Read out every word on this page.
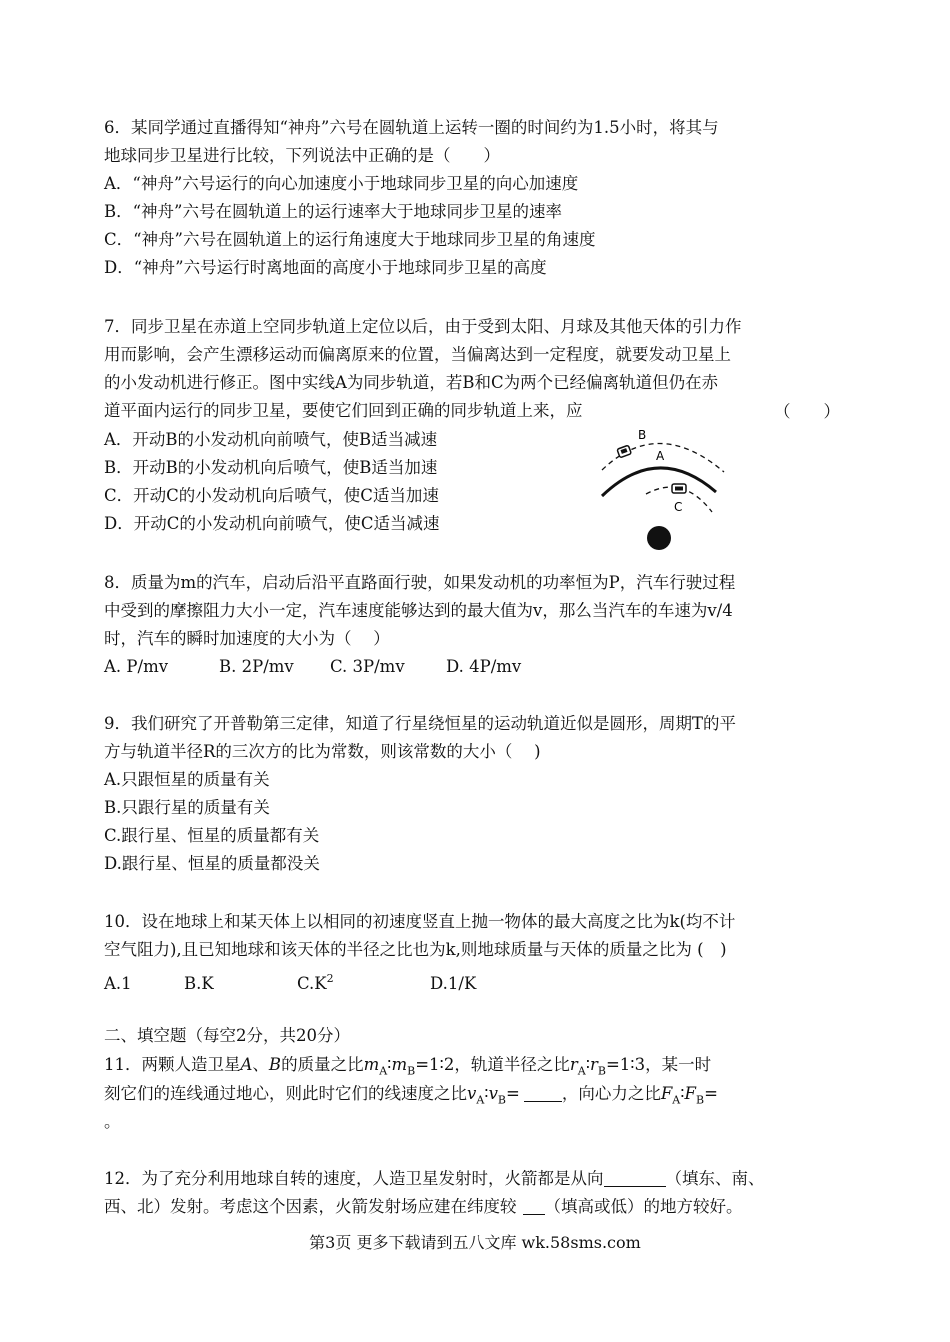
6．某同学通过直播得知“神舟”六号在圆轨道上运转一圈的时间约为1.5小时，将其与
地球同步卫星进行比较，下列说法中正确的是（　　）
A．“神舟”六号运行的向心加速度小于地球同步卫星的向心加速度
B．“神舟”六号在圆轨道上的运行速率大于地球同步卫星的速率
C．“神舟”六号在圆轨道上的运行角速度大于地球同步卫星的角速度
D．“神舟”六号运行时离地面的高度小于地球同步卫星的高度
7．同步卫星在赤道上空同步轨道上定位以后，由于受到太阳、月球及其他天体的引力作
用而影响，会产生漂移运动而偏离原来的位置，当偏离达到一定程度，就要发动卫星上
的小发动机进行修正。图中实线A为同步轨道，若B和C为两个已经偏离轨道但仍在赤
道平面内运行的同步卫星，要使它们回到正确的同步轨道上来，应	（　　）
A．开动B的小发动机向前喷气，使B适当减速
B．开动B的小发动机向后喷气，使B适当加速
C．开动C的小发动机向后喷气，使C适当加速
D．开动C的小发动机向前喷气，使C适当减速
B
A
C
8．质量为m的汽车，启动后沿平直路面行驶，如果发动机的功率恒为P，汽车行驶过程
中受到的摩擦阻力大小一定，汽车速度能够达到的最大值为v，那么当汽车的车速为v/4
时，汽车的瞬时加速度的大小为（　 ）
A. P/mv	B. 2P/mv C. 3P/mv	D. 4P/mv
9．我们研究了开普勒第三定律，知道了行星绕恒星的运动轨道近似是圆形，周期T的平
方与轨道半径R的三次方的比为常数，则该常数的大小（　 )
A.只跟恒星的质量有关
B.只跟行星的质量有关
C.跟行星、恒星的质量都有关
D.跟行星、恒星的质量都没关
10．设在地球上和某天体上以相同的初速度竖直上抛一物体的最大高度之比为k(均不计
空气阻力),且已知地球和该天体的半径之比也为k,则地球质量与天体的质量之比为 (　)
A.1	B.K	$C.K^2$	D.1/K
二、填空题（每空2分，共20分）
11．两颗人造卫星A、B的质量之比$m_A∶m_B=1∶2$，轨道半径之比$r_A∶r_B=1∶3$，某一时
刻它们的连线通过地心，则此时它们的线速度之比$v_A∶v_B=$	，向心力之比$F_A∶F_B=$
。
12．为了充分利用地球自转的速度，人造卫星发射时，火箭都是从向	（填东、南、
西、北）发射。考虑这个因素，火箭发射场应建在纬度较 （填高或低）的地方较好。
第3页 更多下载请到五八文库 wk.58sms.com
